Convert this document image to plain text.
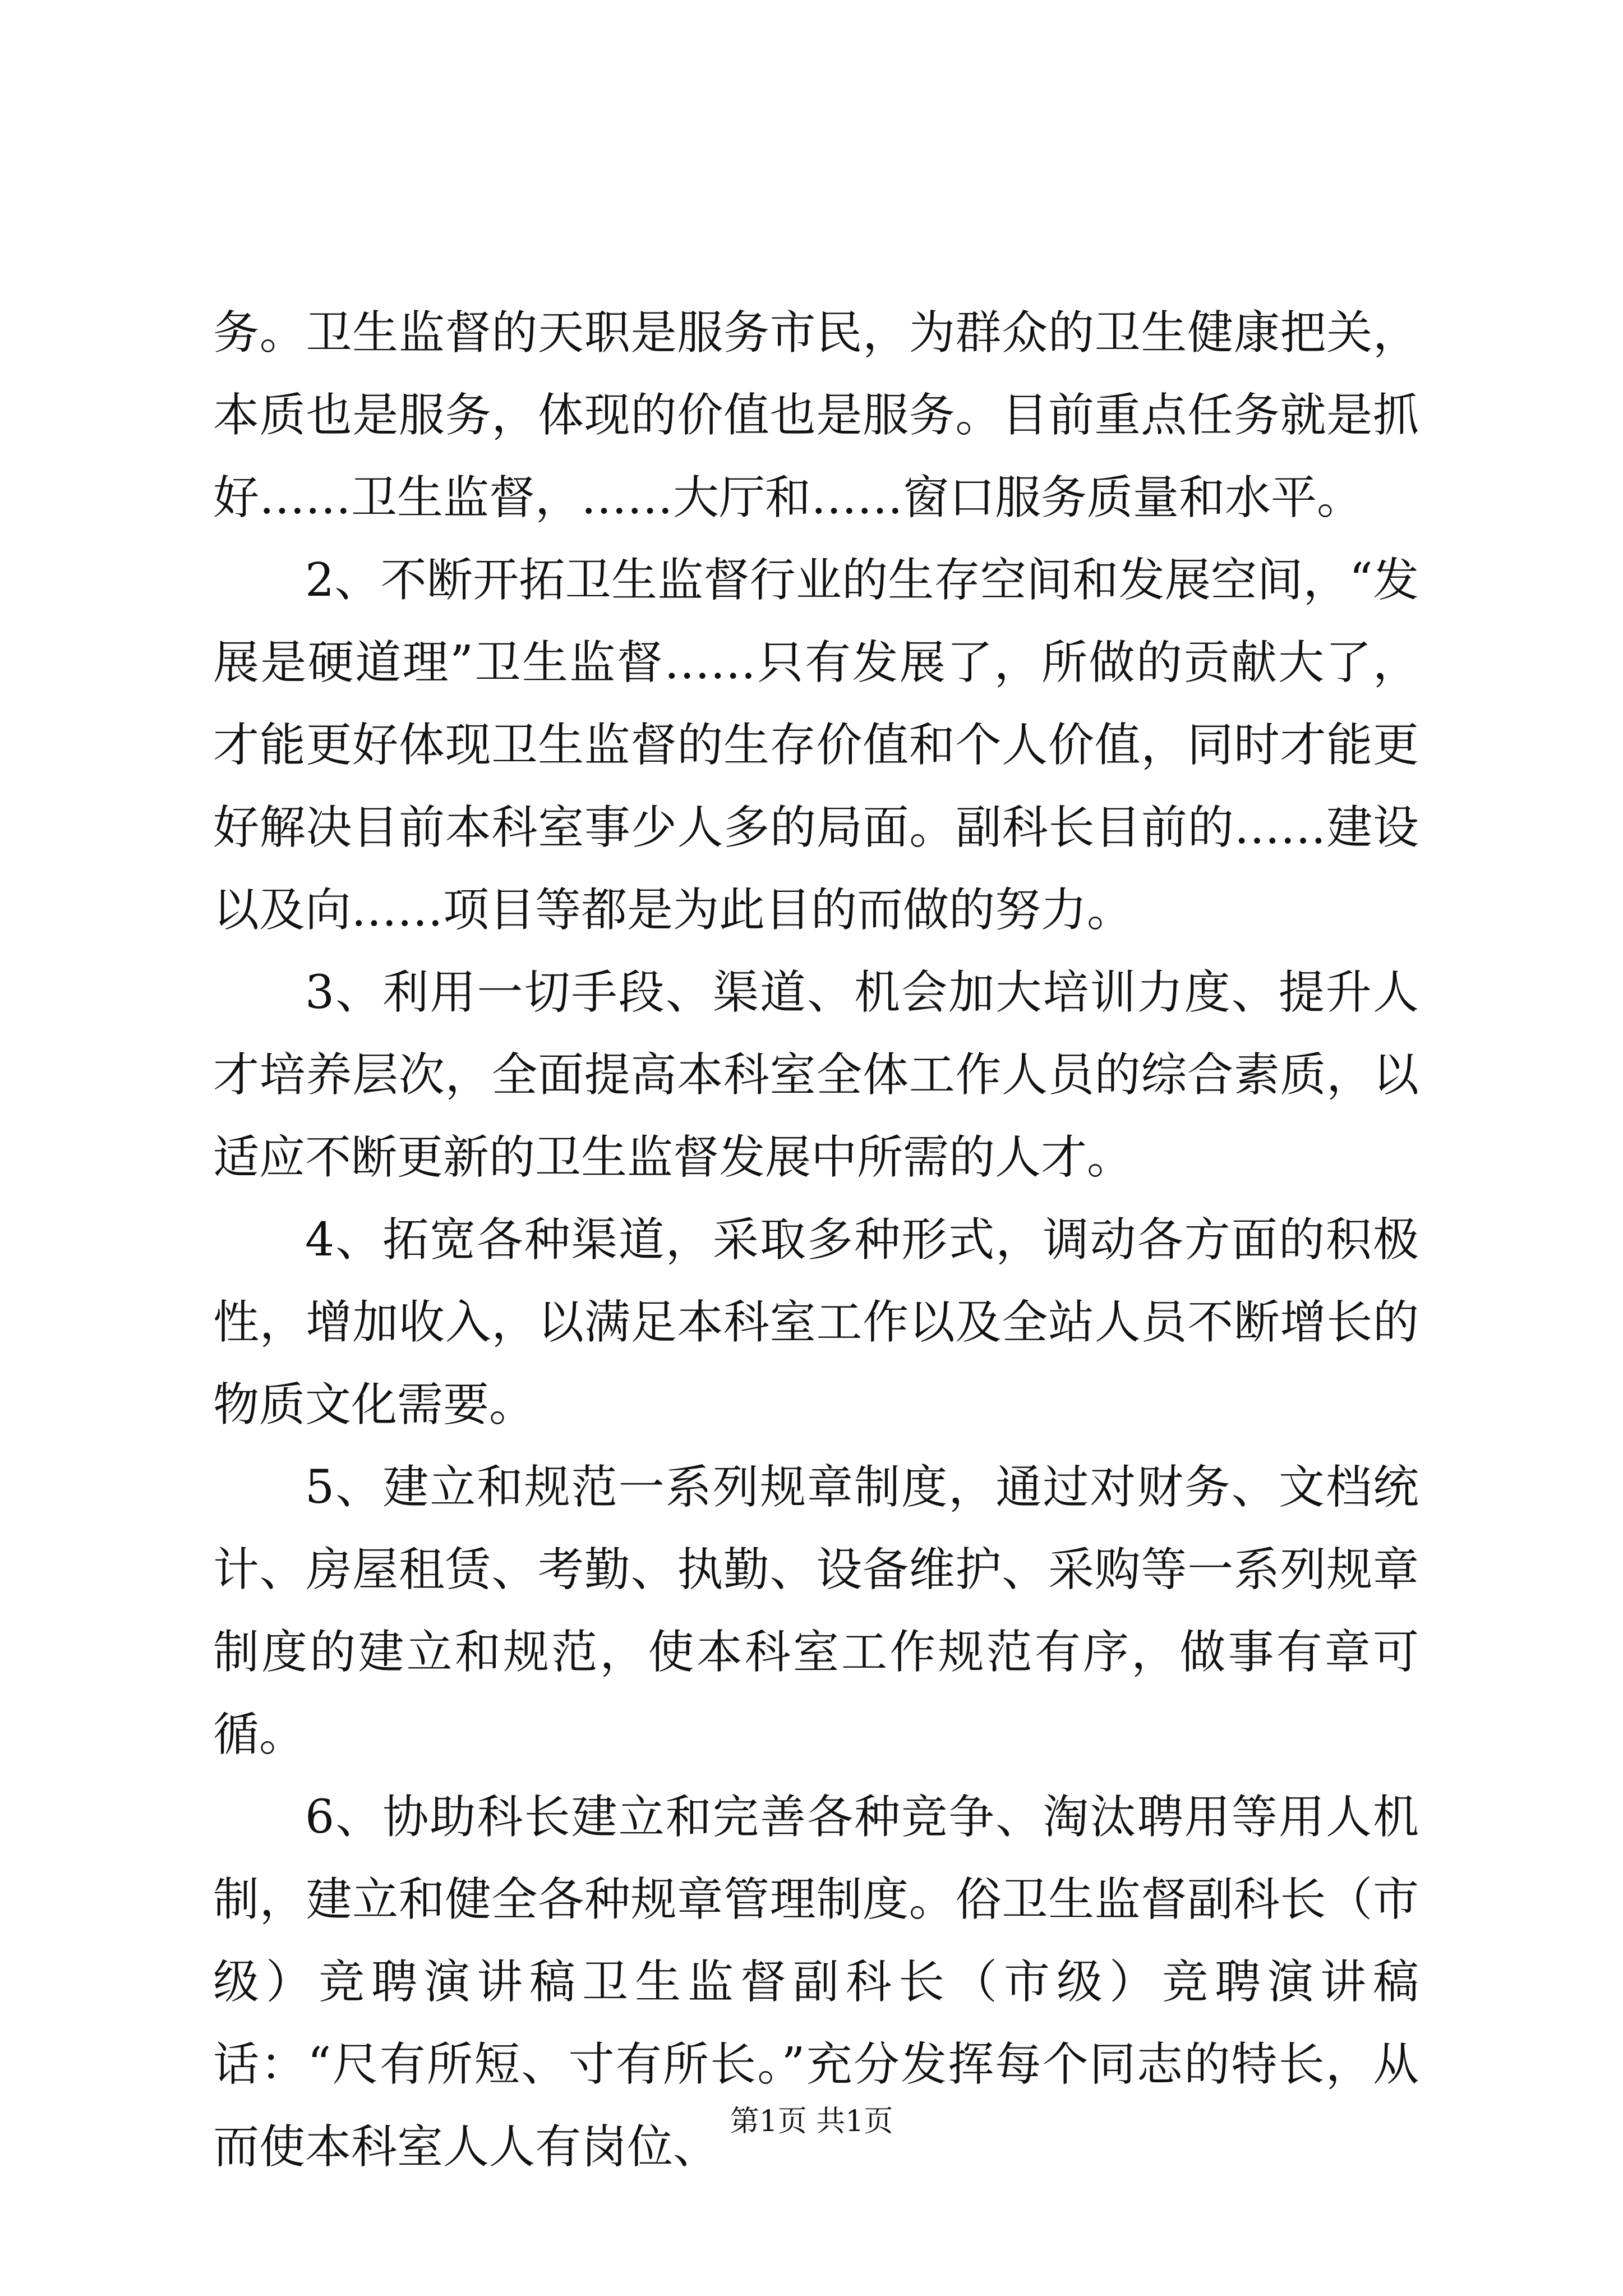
务。卫生监督的天职是服务市民，为群众的卫生健康把关，本质也是服务，体现的价值也是服务。目前重点任务就是抓好……卫生监督，……大厅和……窗口服务质量和水平。

2、不断开拓卫生监督行业的生存空间和发展空间，“发展是硬道理”卫生监督……只有发展了，所做的贡献大了，才能更好体现卫生监督的生存价值和个人价值，同时才能更好解决目前本科室事少人多的局面。副科长目前的……建设以及向……项目等都是为此目的而做的努力。

3、利用一切手段、渠道、机会加大培训力度、提升人才培养层次，全面提高本科室全体工作人员的综合素质，以适应不断更新的卫生监督发展中所需的人才。

4、拓宽各种渠道，采取多种形式，调动各方面的积极性，增加收入，以满足本科室工作以及全站人员不断增长的物质文化需要。

5、建立和规范一系列规章制度，通过对财务、文档统计、房屋租赁、考勤、执勤、设备维护、采购等一系列规章制度的建立和规范，使本科室工作规范有序，做事有章可循。

6、协助科长建立和完善各种竞争、淘汰聘用等用人机制，建立和健全各种规章管理制度。俗卫生监督副科长（市级）竞聘演讲稿卫生监督副科长（市级）竞聘演讲稿话：“尺有所短、寸有所长。”充分发挥每个同志的特长，从而使本科室人人有岗位、 第1页 共1页
